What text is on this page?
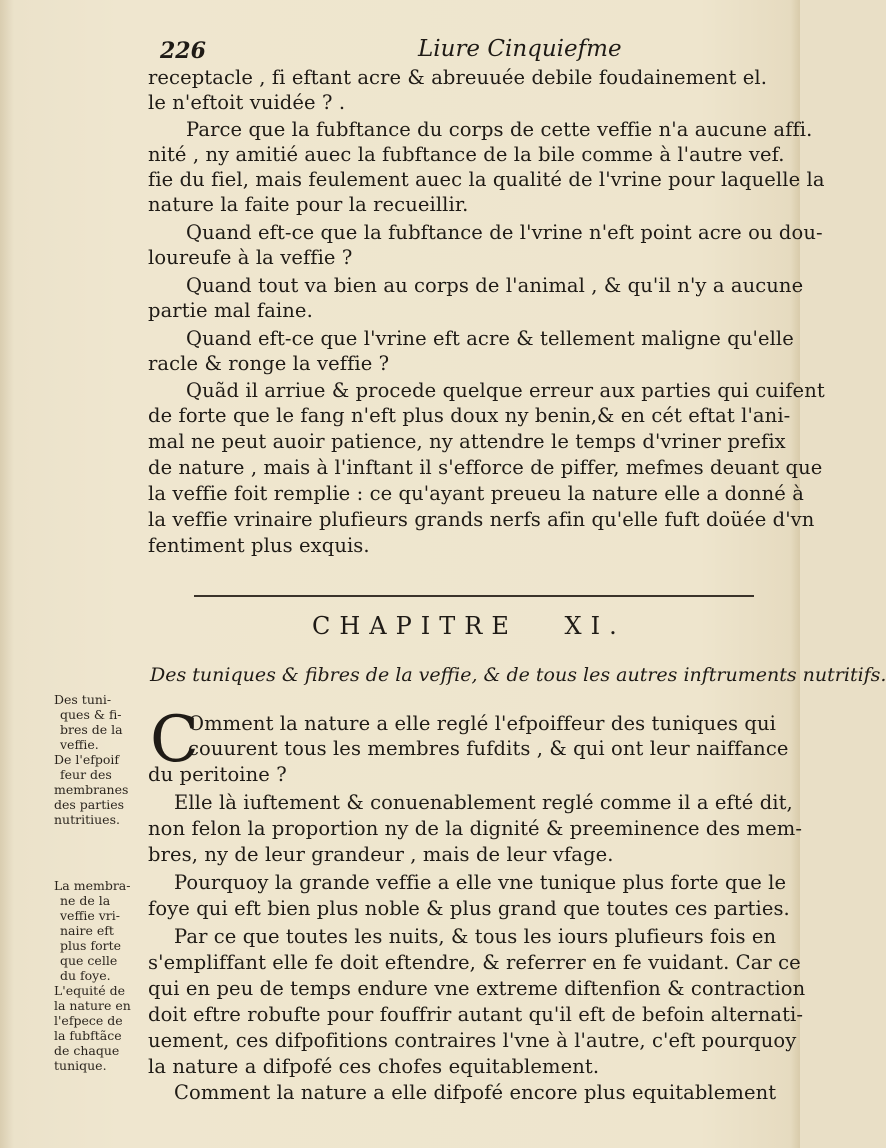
226	Liure Cinquiefme
receptacle , fi eftant acre & abreuuée debile foudainement el.
le n'eftoit vuidée ? .
Parce que la fubftance du corps de cette veffie n'a aucune affi.
nité , ny amitié auec la fubftance de la bile comme à l'autre vef.
fie du fiel, mais feulement auec la qualité de l'vrine pour laquelle la
nature la faite pour la recueillir.
Quand eft-ce que la fubftance de l'vrine n'eft point acre ou dou-
loureufe à la veffie ?
Quand tout va bien au corps de l'animal , & qu'il n'y a aucune
partie mal faine.
Quand eft-ce que l'vrine eft acre & tellement maligne qu'elle
racle & ronge la veffie ?
Quãd il arriue & procede quelque erreur aux parties qui cuifent
de forte que le fang n'eft plus doux ny benin,& en cét eftat l'ani-
mal ne peut auoir patience, ny attendre le temps d'vriner prefix
de nature , mais à l'inftant il s'efforce de piffer, mefmes deuant que
la veffie foit remplie : ce qu'ayant preueu la nature elle a donné à
la veffie vrinaire plufieurs grands nerfs afin qu'elle fuft doüée d'vn
fentiment plus exquis.
CHAPITRE XI.
Des tuniques & fibres de la veffie, & de tous les autres inftruments nutritifs.
C
Omment la nature a elle reglé l'efpoiffeur des tuniques qui
couurent tous les membres fufdits , & qui ont leur naiffance
du peritoine ?
Elle là iuftement & conuenablement reglé comme il a efté dit,
non felon la proportion ny de la dignité & preeminence des mem-
bres, ny de leur grandeur , mais de leur vfage.
Pourquoy la grande veffie a elle vne tunique plus forte que le
foye qui eft bien plus noble & plus grand que toutes ces parties.
Par ce que toutes les nuits, & tous les iours plufieurs fois en
s'empliffant elle fe doit eftendre, & referrer en fe vuidant. Car ce
qui en peu de temps endure vne extreme diftenfion & contraction
doit eftre robufte pour fouffrir autant qu'il eft de befoin alternati-
uement, ces difpofitions contraires l'vne à l'autre, c'eft pourquoy
la nature a difpofé ces chofes equitablement.
Comment la nature a elle difpofé encore plus equitablement
Des tuni-
ques & fi-
bres de la
veffie.
De l'efpoif
feur des
membranes
des parties
nutritiues.
La membra-
ne de la
veffie vri-
naire eft
plus forte
que celle
du foye.
L'equité de
la nature en
l'efpece de
la fubftãce
de chaque
tunique.
